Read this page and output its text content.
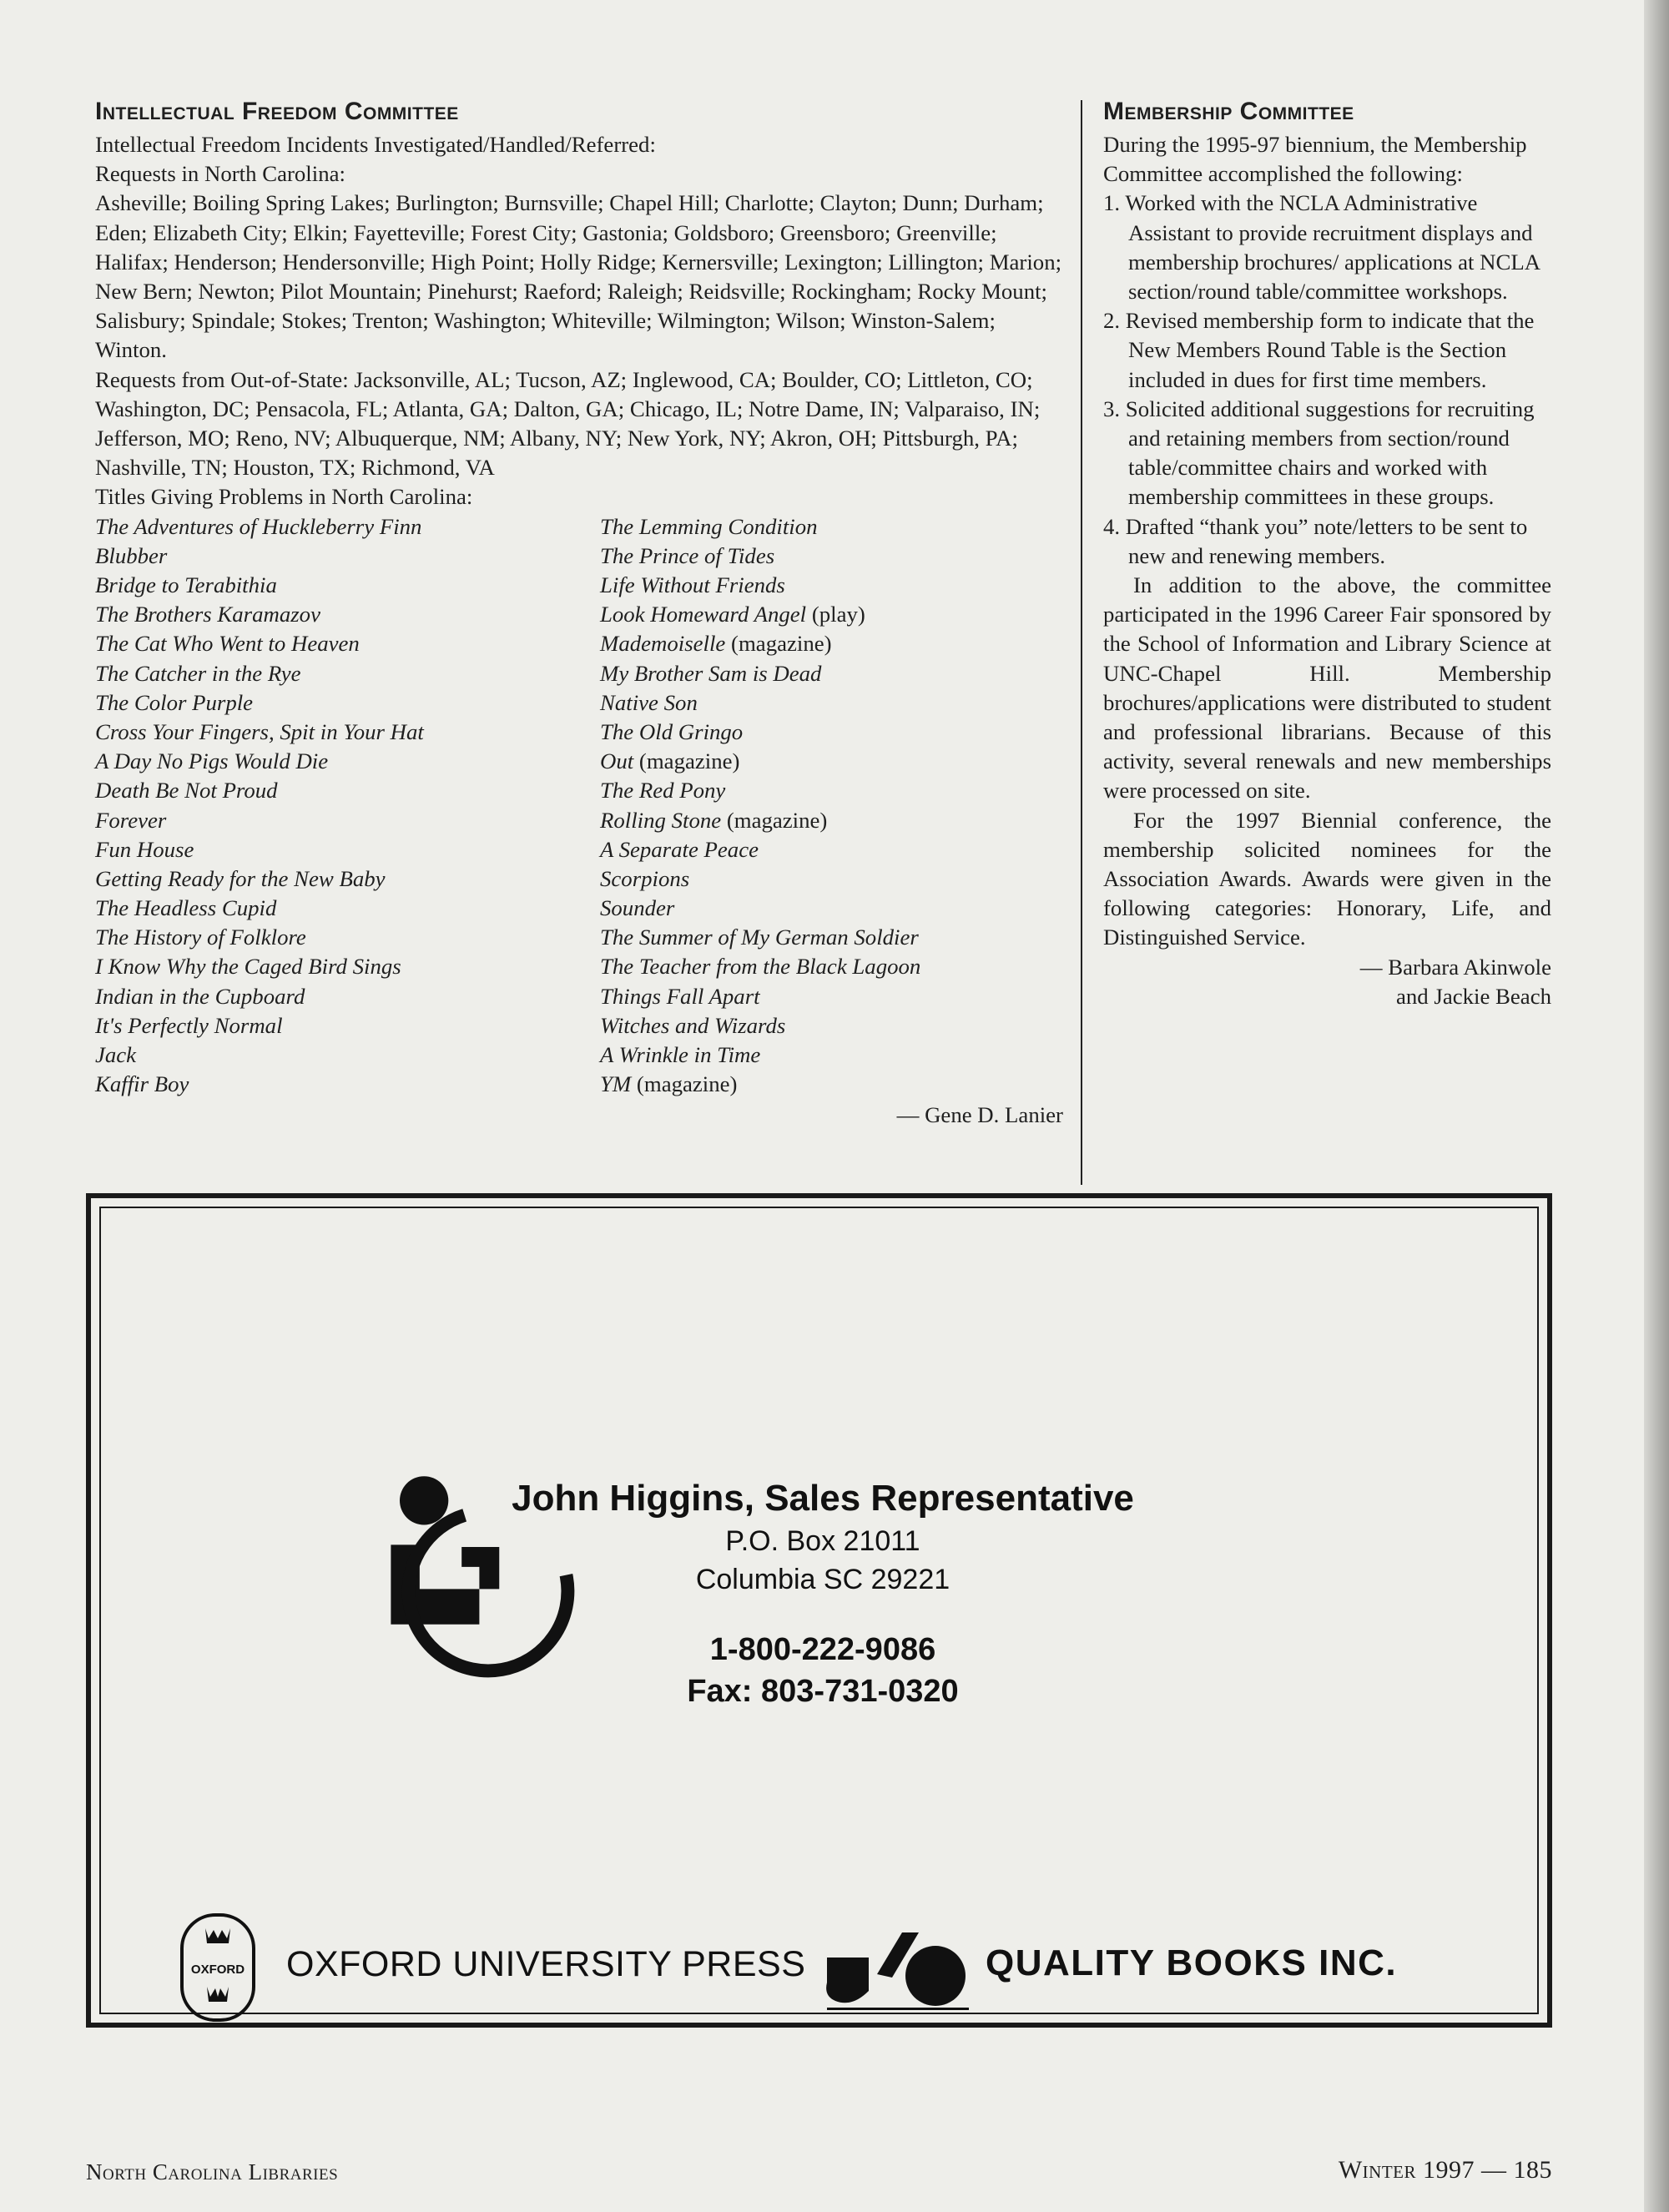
Intellectual Freedom Committee

Intellectual Freedom Incidents Investigated/Handled/Referred:

Requests in North Carolina:

Asheville; Boiling Spring Lakes; Burlington; Burnsville; Chapel Hill; Charlotte; Clayton; Dunn; Durham; Eden; Elizabeth City; Elkin; Fayetteville; Forest City; Gastonia; Goldsboro; Greensboro; Greenville; Halifax; Henderson; Hendersonville; High Point; Holly Ridge; Kernersville; Lexington; Lillington; Marion; New Bern; Newton; Pilot Mountain; Pinehurst; Raeford; Raleigh; Reidsville; Rockingham; Rocky Mount; Salisbury; Spindale; Stokes; Trenton; Washington; Whiteville; Wilmington; Wilson; Winston-Salem; Winton.

Requests from Out-of-State: Jacksonville, AL; Tucson, AZ; Inglewood, CA; Boulder, CO; Littleton, CO; Washington, DC; Pensacola, FL; Atlanta, GA; Dalton, GA; Chicago, IL; Notre Dame, IN; Valparaiso, IN; Jefferson, MO; Reno, NV; Albuquerque, NM; Albany, NY; New York, NY; Akron, OH; Pittsburgh, PA; Nashville, TN; Houston, TX; Richmond, VA

Titles Giving Problems in North Carolina:

The Adventures of Huckleberry Finn
Blubber
Bridge to Terabithia
The Brothers Karamazov
The Cat Who Went to Heaven
The Catcher in the Rye
The Color Purple
Cross Your Fingers, Spit in Your Hat
A Day No Pigs Would Die
Death Be Not Proud
Forever
Fun House
Getting Ready for the New Baby
The Headless Cupid
The History of Folklore
I Know Why the Caged Bird Sings
Indian in the Cupboard
It's Perfectly Normal
Jack
Kaffir Boy
The Lemming Condition
The Prince of Tides
Life Without Friends
Look Homeward Angel (play)
Mademoiselle (magazine)
My Brother Sam is Dead
Native Son
The Old Gringo
Out (magazine)
The Red Pony
Rolling Stone (magazine)
A Separate Peace
Scorpions
Sounder
The Summer of My German Soldier
The Teacher from the Black Lagoon
Things Fall Apart
Witches and Wizards
A Wrinkle in Time
YM (magazine)
— Gene D. Lanier
Membership Committee

During the 1995-97 biennium, the Membership Committee accomplished the following:

1. Worked with the NCLA Administrative Assistant to provide recruitment displays and membership brochures/ applications at NCLA section/round table/committee workshops.
2. Revised membership form to indicate that the New Members Round Table is the Section included in dues for first time members.
3. Solicited additional suggestions for recruiting and retaining members from section/round table/committee chairs and worked with membership committees in these groups.
4. Drafted “thank you” note/letters to be sent to new and renewing members.

In addition to the above, the committee participated in the 1996 Career Fair sponsored by the School of Information and Library Science at UNC-Chapel Hill. Membership brochures/applications were distributed to student and professional librarians. Because of this activity, several renewals and new memberships were processed on site.

For the 1997 Biennial conference, the membership solicited nominees for the Association Awards. Awards were given in the following categories: Honorary, Life, and Distinguished Service.

— Barbara Akinwole

and Jackie Beach

John Higgins, Sales Representative

P.O. Box 21011

Columbia SC 29221

1-800-222-9086

Fax: 803-731-0320

OXFORD OXFORD UNIVERSITY PRESS	QUALITY BOOKS INC.
North Carolina Libraries	Winter 1997 — 185
